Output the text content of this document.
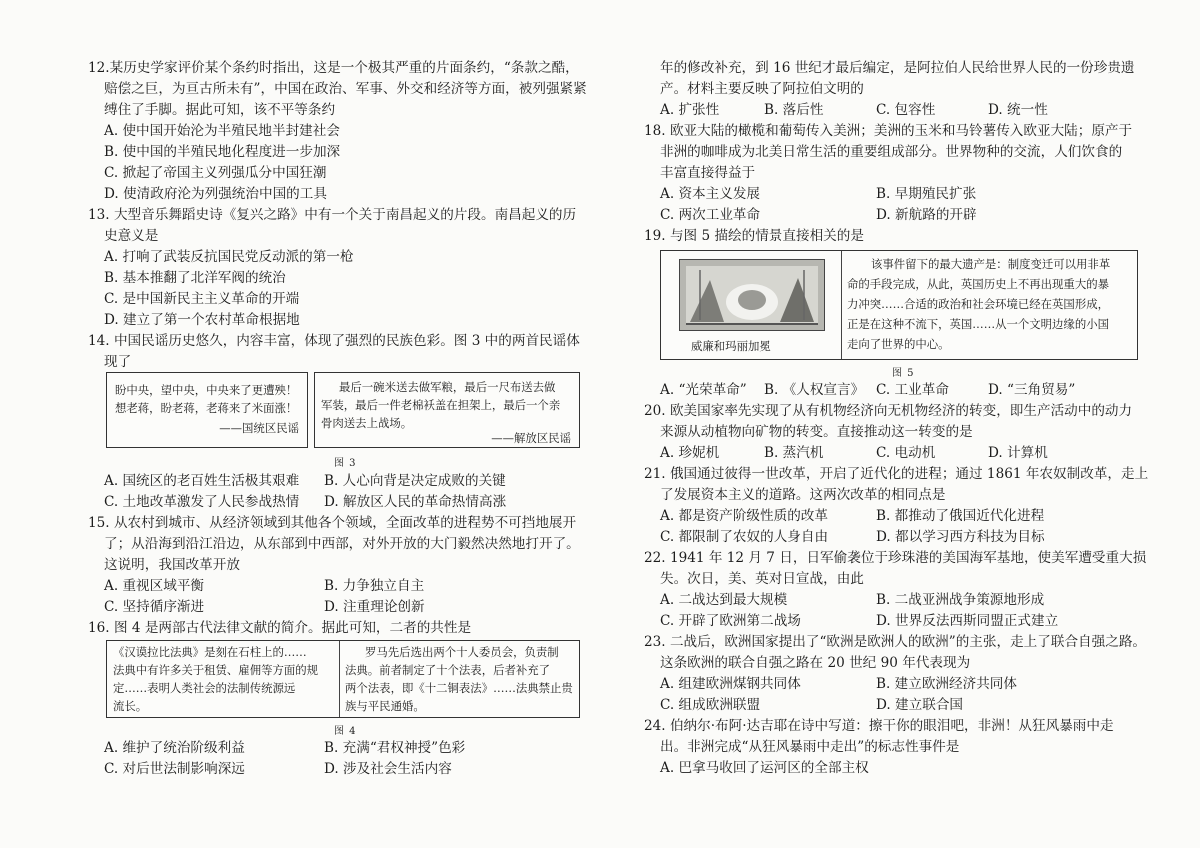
12.某历史学家评价某个条约时指出，这是一个极其严重的片面条约，“条款之酷，
赔偿之巨，为亘古所未有”，中国在政治、军事、外交和经济等方面，被列强紧紧
缚住了手脚。据此可知，该不平等条约
A. 使中国开始沦为半殖民地半封建社会
B. 使中国的半殖民地化程度进一步加深
C. 掀起了帝国主义列强瓜分中国狂潮
D. 使清政府沦为列强统治中国的工具
13. 大型音乐舞蹈史诗《复兴之路》中有一个关于南昌起义的片段。南昌起义的历
史意义是
A. 打响了武装反抗国民党反动派的第一枪
B. 基本推翻了北洋军阀的统治
C. 是中国新民主主义革命的开端
D. 建立了第一个农村革命根据地
14. 中国民谣历史悠久，内容丰富，体现了强烈的民族色彩。图 3 中的两首民谣体
现了
盼中央，望中央，中央来了更遭殃！
想老蒋，盼老蒋，老蒋来了米面涨！
——国统区民谣
最后一碗米送去做军粮，最后一尺布送去做
军装，最后一件老棉袄盖在担架上，最后一个亲
骨肉送去上战场。
——解放区民谣
图 3
A. 国统区的老百姓生活极其艰难 B. 人心向背是决定成败的关键
C. 土地改革激发了人民参战热情 D. 解放区人民的革命热情高涨
15. 从农村到城市、从经济领域到其他各个领域，全面改革的进程势不可挡地展开
了；从沿海到沿江沿边，从东部到中西部，对外开放的大门毅然决然地打开了。
这说明，我国改革开放
A. 重视区域平衡	B. 力争独立自主
C. 坚持循序渐进	D. 注重理论创新
16. 图 4 是两部古代法律文献的简介。据此可知，二者的共性是
《汉谟拉比法典》是刻在石柱上的……
法典中有许多关于租赁、雇佣等方面的规
定……表明人类社会的法制传统源远
流长。
罗马先后选出两个十人委员会，负责制
法典。前者制定了十个法表，后者补充了
两个法表，即《十二铜表法》……法典禁止贵
族与平民通婚。
图 4
A. 维护了统治阶级利益	B. 充满“君权神授”色彩
C. 对后世法制影响深远	D. 涉及社会生活内容
年的修改补充，到 16 世纪才最后编定，是阿拉伯人民给世界人民的一份珍贵遗
产。材料主要反映了阿拉伯文明的
A. 扩张性	B. 落后性	C. 包容性	D. 统一性
18. 欧亚大陆的橄榄和葡萄传入美洲；美洲的玉米和马铃薯传入欧亚大陆；原产于
非洲的咖啡成为北美日常生活的重要组成部分。世界物种的交流，人们饮食的
丰富直接得益于
A. 资本主义发展	B. 早期殖民扩张
C. 两次工业革命	D. 新航路的开辟
19. 与图 5 描绘的情景直接相关的是
威廉和玛丽加冕
该事件留下的最大遗产是：制度变迁可以用非革
命的手段完成，从此，英国历史上不再出现重大的暴
力冲突……合适的政治和社会环境已经在英国形成，
正是在这种不流下，英国……从一个文明边缘的小国
走向了世界的中心。
图 5
A. “光荣革命” B. 《人权宣言》 C. 工业革命	D. “三角贸易”
20. 欧美国家率先实现了从有机物经济向无机物经济的转变，即生产活动中的动力
来源从动植物向矿物的转变。直接推动这一转变的是
A. 珍妮机	B. 蒸汽机	C. 电动机	D. 计算机
21. 俄国通过彼得一世改革，开启了近代化的进程；通过 1861 年农奴制改革，走上
了发展资本主义的道路。这两次改革的相同点是
A. 都是资产阶级性质的改革	B. 都推动了俄国近代化进程
C. 都限制了农奴的人身自由	D. 都以学习西方科技为目标
22. 1941 年 12 月 7 日，日军偷袭位于珍珠港的美国海军基地，使美军遭受重大损
失。次日，美、英对日宣战，由此
A. 二战达到最大规模	B. 二战亚洲战争策源地形成
C. 开辟了欧洲第二战场	D. 世界反法西斯同盟正式建立
23. 二战后，欧洲国家提出了“欧洲是欧洲人的欧洲”的主张，走上了联合自强之路。
这条欧洲的联合自强之路在 20 世纪 90 年代表现为
A. 组建欧洲煤钢共同体	B. 建立欧洲经济共同体
C. 组成欧洲联盟	D. 建立联合国
24. 伯纳尔·布阿·达吉耶在诗中写道：擦干你的眼泪吧，非洲！从狂风暴雨中走
出。非洲完成“从狂风暴雨中走出”的标志性事件是
A. 巴拿马收回了运河区的全部主权
